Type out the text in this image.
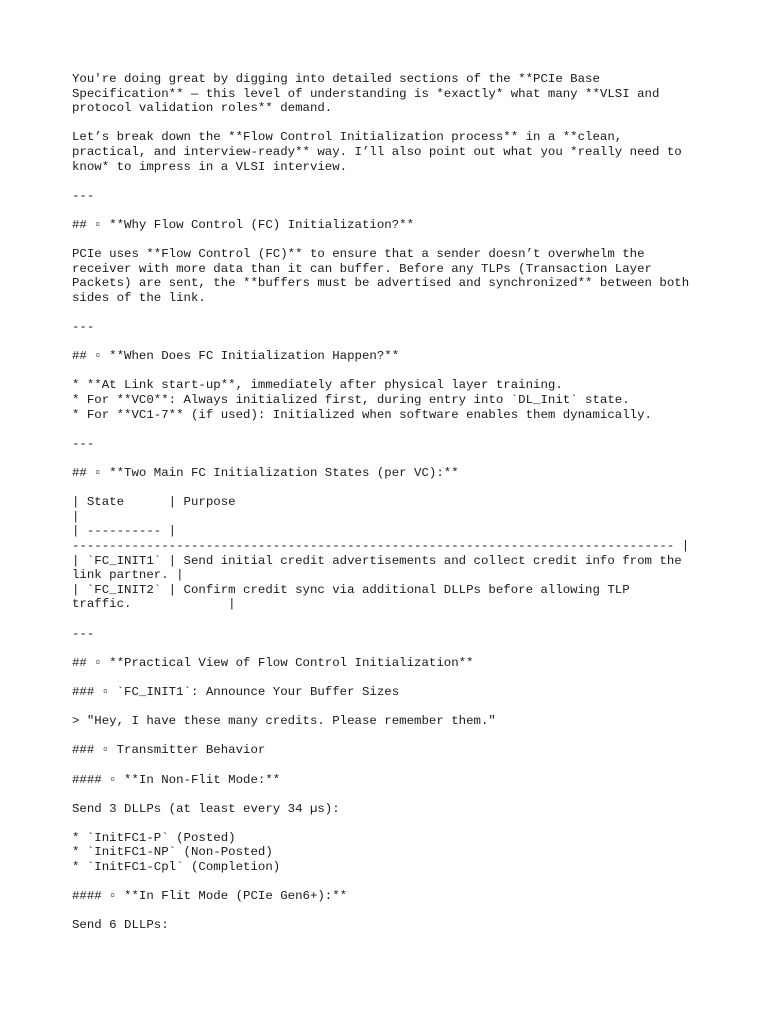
You're doing great by digging into detailed sections of the **PCIe Base
Specification** — this level of understanding is *exactly* what many **VLSI and
protocol validation roles** demand.
Let’s break down the **Flow Control Initialization process** in a **clean,
practical, and interview-ready** way. I’ll also point out what you *really need to
know* to impress in a VLSI interview.
---
## ▫ **Why Flow Control (FC) Initialization?**
PCIe uses **Flow Control (FC)** to ensure that a sender doesn’t overwhelm the
receiver with more data than it can buffer. Before any TLPs (Transaction Layer
Packets) are sent, the **buffers must be advertised and synchronized** between both
sides of the link.
---
## ▫ **When Does FC Initialization Happen?**
* **At Link start-up**, immediately after physical layer training.
* For **VC0**: Always initialized first, during entry into `DL_Init` state.
* For **VC1-7** (if used): Initialized when software enables them dynamically.
---
## ▫ **Two Main FC Initialization States (per VC):**
| State      | Purpose
|
| ---------- |
--------------------------------------------------------------------------------- |
| `FC_INIT1` | Send initial credit advertisements and collect credit info from the
link partner. |
| `FC_INIT2` | Confirm credit sync via additional DLLPs before allowing TLP
traffic.             |
---
## ▫ **Practical View of Flow Control Initialization**
### ▫ `FC_INIT1`: Announce Your Buffer Sizes
> "Hey, I have these many credits. Please remember them."
### ▫ Transmitter Behavior
#### ▫ **In Non-Flit Mode:**
Send 3 DLLPs (at least every 34 µs):
* `InitFC1-P` (Posted)
* `InitFC1-NP` (Non-Posted)
* `InitFC1-Cpl` (Completion)
#### ▫ **In Flit Mode (PCIe Gen6+):**
Send 6 DLLPs:
